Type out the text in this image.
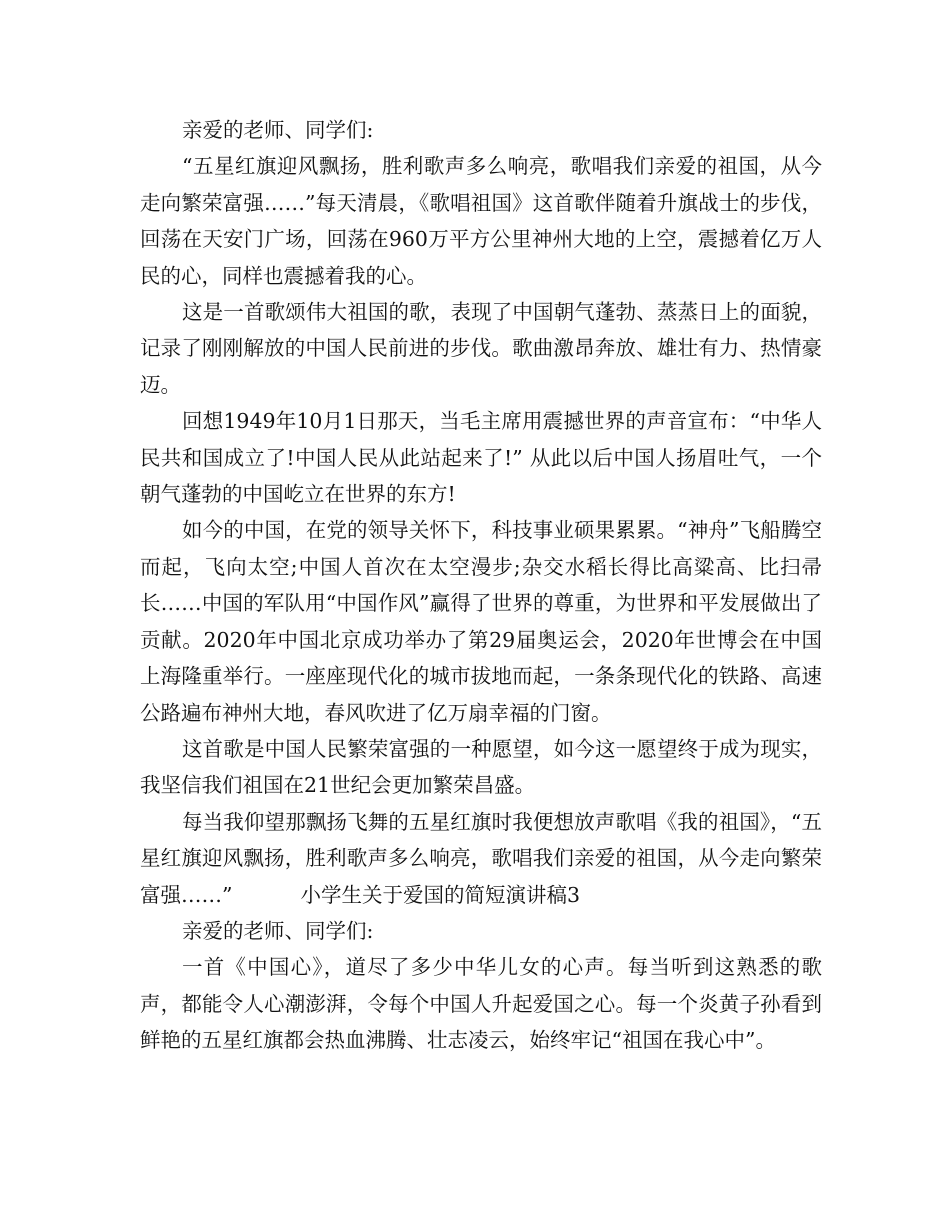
亲爱的老师、同学们:

“五星红旗迎风飘扬，胜利歌声多么响亮，歌唱我们亲爱的祖国，从今走向繁荣富强……”每天清晨，《歌唱祖国》这首歌伴随着升旗战士的步伐，回荡在天安门广场，回荡在960万平方公里神州大地的上空，震撼着亿万人民的心，同样也震撼着我的心。

这是一首歌颂伟大祖国的歌，表现了中国朝气蓬勃、蒸蒸日上的面貌，记录了刚刚解放的中国人民前进的步伐。歌曲激昂奔放、雄壮有力、热情豪迈。

回想1949年10月1日那天，当毛主席用震撼世界的声音宣布：“中华人民共和国成立了!中国人民从此站起来了!” 从此以后中国人扬眉吐气，一个朝气蓬勃的中国屹立在世界的东方!

如今的中国，在党的领导关怀下，科技事业硕果累累。“神舟”飞船腾空而起，飞向太空;中国人首次在太空漫步;杂交水稻长得比高粱高、比扫帚长……中国的军队用“中国作风”赢得了世界的尊重，为世界和平发展做出了贡献。2020年中国北京成功举办了第29届奥运会，2020年世博会在中国上海隆重举行。一座座现代化的城市拔地而起，一条条现代化的铁路、高速公路遍布神州大地，春风吹进了亿万扇幸福的门窗。

这首歌是中国人民繁荣富强的一种愿望，如今这一愿望终于成为现实，我坚信我们祖国在21世纪会更加繁荣昌盛。

每当我仰望那飘扬飞舞的五星红旗时我便想放声歌唱《我的祖国》，“五星红旗迎风飘扬，胜利歌声多么响亮，歌唱我们亲爱的祖国，从今走向繁荣富强……”	小学生关于爱国的简短演讲稿3

亲爱的老师、同学们:

一首《中国心》，道尽了多少中华儿女的心声。每当听到这熟悉的歌声，都能令人心潮澎湃，令每个中国人升起爱国之心。每一个炎黄子孙看到鲜艳的五星红旗都会热血沸腾、壮志凌云，始终牢记“祖国在我心中”。
